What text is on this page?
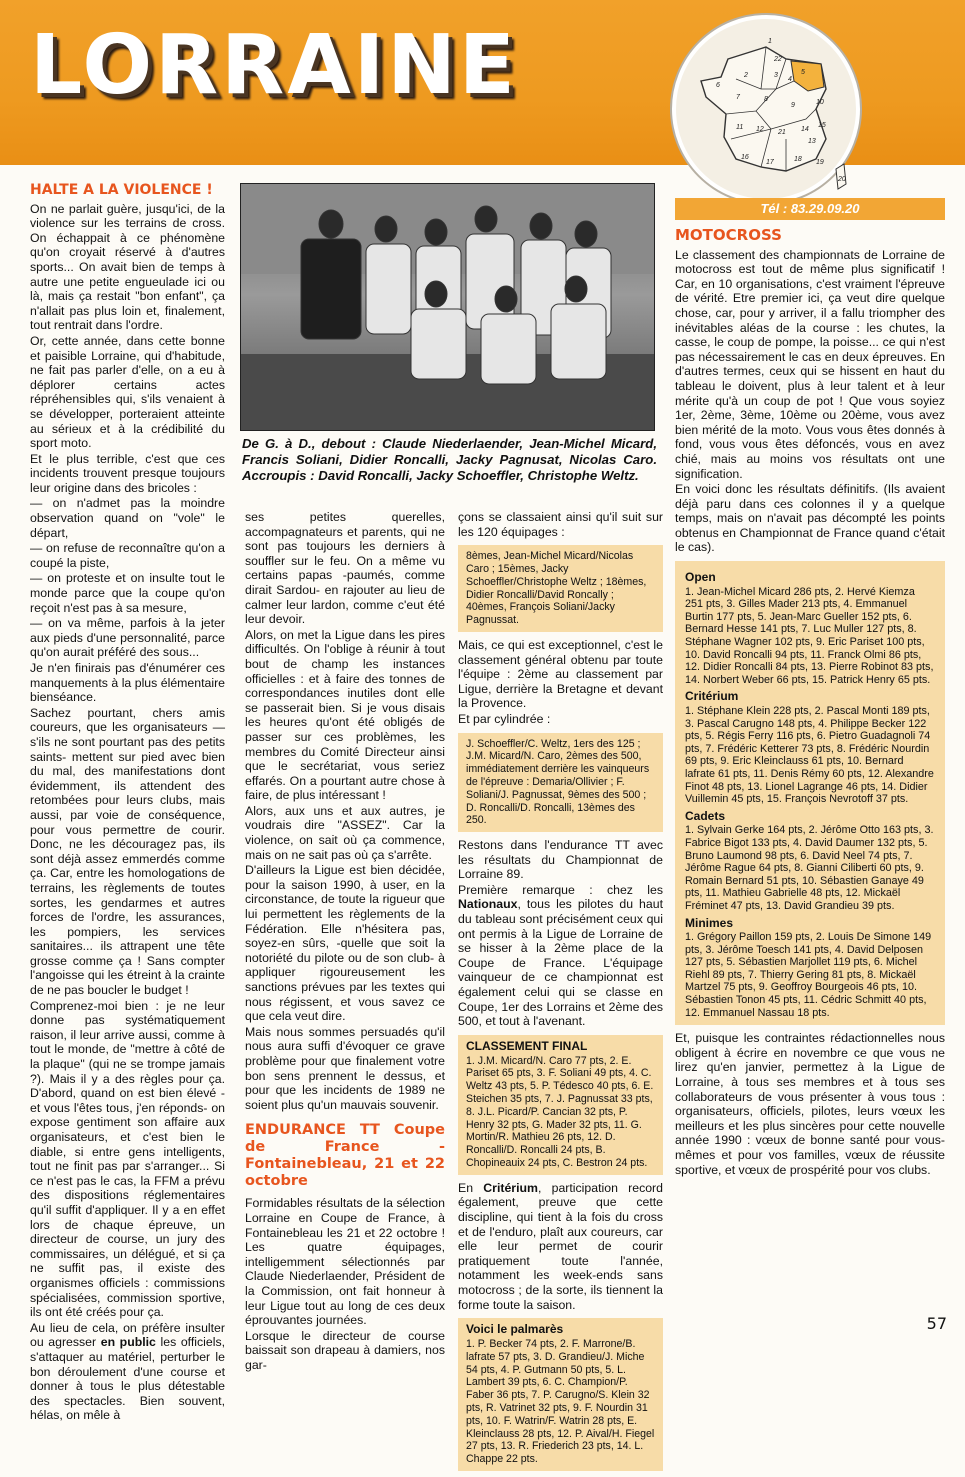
LORRAINE	1
22
2	3	5
4
6
7	8
9	10
11 12 21 14
15
13
16
17	18 19
20
Tél : 83.29.09.20
HALTE A LA VIOLENCE !

On ne parlait guère, jusqu'ici, de la violence sur les terrains de cross. On échappait à ce phénomène qu'on croyait réservé à d'autres sports... On avait bien de temps à autre une petite engueulade ici ou là, mais ça restait "bon enfant", ça n'allait pas plus loin et, finalement, tout rentrait dans l'ordre.

Or, cette année, dans cette bonne et paisible Lorraine, qui d'habitude, ne fait pas parler d'elle, on a eu à déplorer certains actes répréhensibles qui, s'ils venaient à se développer, porteraient atteinte au sérieux et à la crédibilité du sport moto.

Et le plus terrible, c'est que ces incidents trouvent presque toujours leur origine dans des bricoles :

— on n'admet pas la moindre observation quand on "vole" le départ,

— on refuse de reconnaître qu'on a coupé la piste,

— on proteste et on insulte tout le monde parce que la coupe qu'on reçoit n'est pas à sa mesure,

— on va même, parfois à la jeter aux pieds d'une personnalité, parce qu'on aurait préféré des sous...

Je n'en finirais pas d'énumérer ces manquements à la plus élémentaire bienséance.

Sachez pourtant, chers amis coureurs, que les organisateurs —s'ils ne sont pourtant pas des petits saints- mettent sur pied avec bien du mal, des manifestations dont évidemment, ils attendent des retombées pour leurs clubs, mais aussi, par voie de conséquence, pour vous permettre de courir. Donc, ne les découragez pas, ils sont déjà assez emmerdés comme ça. Car, entre les homologations de terrains, les règlements de toutes sortes, les gendarmes et autres forces de l'ordre, les assurances, les pompiers, les services sanitaires... ils attrapent une tête grosse comme ça ! Sans compter l'angoisse qui les étreint à la crainte de ne pas boucler le budget !

Comprenez-moi bien : je ne leur donne pas systématiquement raison, il leur arrive aussi, comme à tout le monde, de "mettre à côté de la plaque" (qui ne se trompe jamais ?). Mais il y a des règles pour ça. D'abord, quand on est bien élevé -et vous l'êtes tous, j'en réponds- on expose gentiment son affaire aux organisateurs, et c'est bien le diable, si entre gens intelligents, tout ne finit pas par s'arranger... Si ce n'est pas le cas, la FFM a prévu des dispositions réglementaires qu'il suffit d'appliquer. Il y a en effet lors de chaque épreuve, un directeur de course, un jury des commissaires, un délégué, et si ça ne suffit pas, il existe des organismes officiels : commissions spécialisées, commission sportive, ils ont été créés pour ça.

Au lieu de cela, on préfère insulter ou agresser en public les officiels, s'attaquer au matériel, perturber le bon déroulement d'une course et donner à tous le plus détestable des spectacles. Bien souvent, hélas, on mêle à

De G. à D., debout : Claude Niederlaender, Jean-Michel Micard, Francis Soliani, Didier Roncalli, Jacky Pagnusat, Nicolas Caro. Accroupis : David Roncalli, Jacky Schoeffler, Christophe Weltz.

ses petites querelles, accompagnateurs et parents, qui ne sont pas toujours les derniers à souffler sur le feu. On a même vu certains papas -paumés, comme dirait Sardou- en rajouter au lieu de calmer leur lardon, comme c'eut été leur devoir.

Alors, on met la Ligue dans les pires difficultés. On l'oblige à réunir à tout bout de champ les instances officielles : et à faire des tonnes de correspondances inutiles dont elle se passerait bien. Si je vous disais les heures qu'ont été obligés de passer sur ces problèmes, les membres du Comité Directeur ainsi que le secrétariat, vous seriez effarés. On a pourtant autre chose à faire, de plus intéressant !

Alors, aux uns et aux autres, je voudrais dire "ASSEZ". Car la violence, on sait où ça commence, mais on ne sait pas où ça s'arrête.

D'ailleurs la Ligue est bien décidée, pour la saison 1990, à user, en la circonstance, de toute la rigueur que lui permettent les règlements de la Fédération. Elle n'hésitera pas, soyez-en sûrs, -quelle que soit la notoriété du pilote ou de son club- à appliquer rigoureusement les sanctions prévues par les textes qui nous régissent, et vous savez ce que cela veut dire.

Mais nous sommes persuadés qu'il nous aura suffi d'évoquer ce grave problème pour que finalement votre bon sens prennent le dessus, et pour que les incidents de 1989 ne soient plus qu'un mauvais souvenir.

ENDURANCE TT Coupe de France - Fontainebleau, 21 et 22 octobre

Formidables résultats de la sélection Lorraine en Coupe de France, à Fontainebleau les 21 et 22 octobre ! Les quatre équipages, intelligemment sélectionnés par Claude Niederlaender, Président de la Commission, ont fait honneur à leur Ligue tout au long de ces deux éprouvantes journées.

Lorsque le directeur de course baissait son drapeau à damiers, nos gar-

çons se classaient ainsi qu'il suit sur les 120 équipages :

8èmes, Jean-Michel Micard/Nicolas Caro ; 15èmes, Jacky Schoeffler/Christophe Weltz ; 18èmes, Didier Roncalli/David Roncally ; 40èmes, François Soliani/Jacky Pagnussat.

Mais, ce qui est exceptionnel, c'est le classement général obtenu par toute l'équipe : 2ème au classement par Ligue, derrière la Bretagne et devant la Provence.

Et par cylindrée :

J. Schoeffler/C. Weltz, 1ers des 125 ; J.M. Micard/N. Caro, 2èmes des 500, immédiatement derrière les vainqueurs de l'épreuve : Demaria/Ollivier ; F. Soliani/J. Pagnussat, 9èmes des 500 ; D. Roncalli/D. Roncalli, 13èmes des 250.

Restons dans l'endurance TT avec les résultats du Championnat de Lorraine 89.

Première remarque : chez les Nationaux, tous les pilotes du haut du tableau sont précisément ceux qui ont permis à la Ligue de Lorraine de se hisser à la 2ème place de la Coupe de France. L'équipage vainqueur de ce championnat est également celui qui se classe en Coupe, 1er des Lorrains et 2ème des 500, et tout à l'avenant.

CLASSEMENT FINAL
1. J.M. Micard/N. Caro 77 pts, 2. E. Pariset 65 pts, 3. F. Soliani 49 pts, 4. C. Weltz 43 pts, 5. P. Tédesco 40 pts, 6. E. Steichen 35 pts, 7. J. Pagnussat 33 pts, 8. J.L. Picard/P. Cancian 32 pts, P. Henry 32 pts, G. Mader 32 pts, 11. G. Mortin/R. Mathieu 26 pts, 12. D. Roncalli/D. Roncalli 24 pts, B. Chopineauix 24 pts, C. Bestron 24 pts.

En Critérium, participation record également, preuve que cette discipline, qui tient à la fois du cross et de l'enduro, plaît aux coureurs, car elle leur permet de courir pratiquement toute l'année, notamment les week-ends sans motocross ; de la sorte, ils tiennent la forme toute la saison.

Voici le palmarès
1. P. Becker 74 pts, 2. F. Marrone/B. lafrate 57 pts, 3. D. Grandieu/J. Miche 54 pts, 4. P. Gutmann 50 pts, 5. L. Lambert 39 pts, 6. C. Champion/P. Faber 36 pts, 7. P. Carugno/S. Klein 32 pts, R. Vatrinet 32 pts, 9. F. Nourdin 31 pts, 10. F. Watrin/F. Watrin 28 pts, E. Kleinclauss 28 pts, 12. P. Aival/H. Fiegel 27 pts, 13. R. Friederich 23 pts, 14. L. Chappe 22 pts.
MOTOCROSS

Le classement des championnats de Lorraine de motocross est tout de même plus significatif ! Car, en 10 organisations, c'est vraiment l'épreuve de vérité. Etre premier ici, ça veut dire quelque chose, car, pour y arriver, il a fallu triompher des inévitables aléas de la course : les chutes, la casse, le coup de pompe, la poisse... ce qui n'est pas nécessairement le cas en deux épreuves. En d'autres termes, ceux qui se hissent en haut du tableau le doivent, plus à leur talent et à leur mérite qu'à un coup de pot ! Que vous soyiez 1er, 2ème, 3ème, 10ème ou 20ème, vous avez bien mérité de la moto. Vous vous êtes donnés à fond, vous vous êtes défoncés, vous en avez chié, mais au moins vos résultats ont une signification.

En voici donc les résultats définitifs. (Ils avaient déjà paru dans ces colonnes il y a quelque temps, mais on n'avait pas décompté les points obtenus en Championnat de France quand c'était le cas).

Open
1. Jean-Michel Micard 286 pts, 2. Hervé Kiemza 251 pts, 3. Gilles Mader 213 pts, 4. Emmanuel Burtin 177 pts, 5. Jean-Marc Gueller 152 pts, 6. Bernard Hesse 141 pts, 7. Luc Muller 127 pts, 8. Stéphane Wagner 102 pts, 9. Eric Pariset 100 pts, 10. David Roncalli 94 pts, 11. Franck Olmi 86 pts, 12. Didier Roncalli 84 pts, 13. Pierre Robinot 83 pts, 14. Norbert Weber 66 pts, 15. Patrick Henry 65 pts.
Critérium
1. Stéphane Klein 228 pts, 2. Pascal Monti 189 pts, 3. Pascal Carugno 148 pts, 4. Philippe Becker 122 pts, 5. Régis Ferry 116 pts, 6. Pietro Guadagnoli 74 pts, 7. Frédéric Ketterer 73 pts, 8. Frédéric Nourdin 69 pts, 9. Eric Kleinclauss 61 pts, 10. Bernard lafrate 61 pts, 11. Denis Rémy 60 pts, 12. Alexandre Finot 48 pts, 13. Lionel Lagrange 46 pts, 14. Didier Vuillemin 45 pts, 15. François Nevrotoff 37 pts.
Cadets
1. Sylvain Gerke 164 pts, 2. Jérôme Otto 163 pts, 3. Fabrice Bigot 133 pts, 4. David Daumer 132 pts, 5. Bruno Laumond 98 pts, 6. David Neel 74 pts, 7. Jérôme Rague 64 pts, 8. Gianni Ciliberti 60 pts, 9. Romain Bernard 51 pts, 10. Sébastien Ganaye 49 pts, 11. Mathieu Gabrielle 48 pts, 12. Mickaël Fréminet 47 pts, 13. David Grandieu 39 pts.
Minimes
1. Grégory Paillon 159 pts, 2. Louis De Simone 149 pts, 3. Jérôme Toesch 141 pts, 4. David Delposen 127 pts, 5. Sébastien Marjollet 119 pts, 6. Michel Riehl 89 pts, 7. Thierry Gering 81 pts, 8. Mickaël Martzel 75 pts, 9. Geoffroy Bourgeois 46 pts, 10. Sébastien Tonon 45 pts, 11. Cédric Schmitt 40 pts, 12. Emmanuel Nassau 18 pts.

Et, puisque les contraintes rédactionnelles nous obligent à écrire en novembre ce que vous ne lirez qu'en janvier, permettez à la Ligue de Lorraine, à tous ses membres et à tous ses collaborateurs de vous présenter à vous tous : organisateurs, officiels, pilotes, leurs vœux les meilleurs et les plus sincères pour cette nouvelle année 1990 : vœux de bonne santé pour vous-mêmes et pour vos familles, vœux de réussite sportive, et vœux de prospérité pour vos clubs.

57
